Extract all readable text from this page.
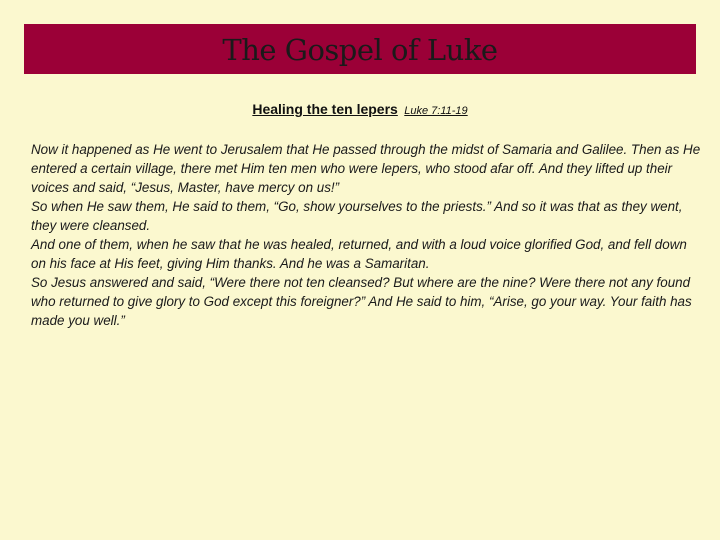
The Gospel of Luke
Healing the ten lepers Luke 7:11-19

Now it happened as He went to Jerusalem that He passed through the midst of Samaria and Galilee. Then as He entered a certain village, there met Him ten men who were lepers, who stood afar off. And they lifted up their voices and said, “Jesus, Master, have mercy on us!”

So when He saw them, He said to them, “Go, show yourselves to the priests.” And so it was that as they went, they were cleansed.

And one of them, when he saw that he was healed, returned, and with a loud voice glorified God, and fell down on his face at His feet, giving Him thanks. And he was a Samaritan.

So Jesus answered and said, “Were there not ten cleansed? But where are the nine? Were there not any found who returned to give glory to God except this foreigner?” And He said to him, “Arise, go your way. Your faith has made you well.”
